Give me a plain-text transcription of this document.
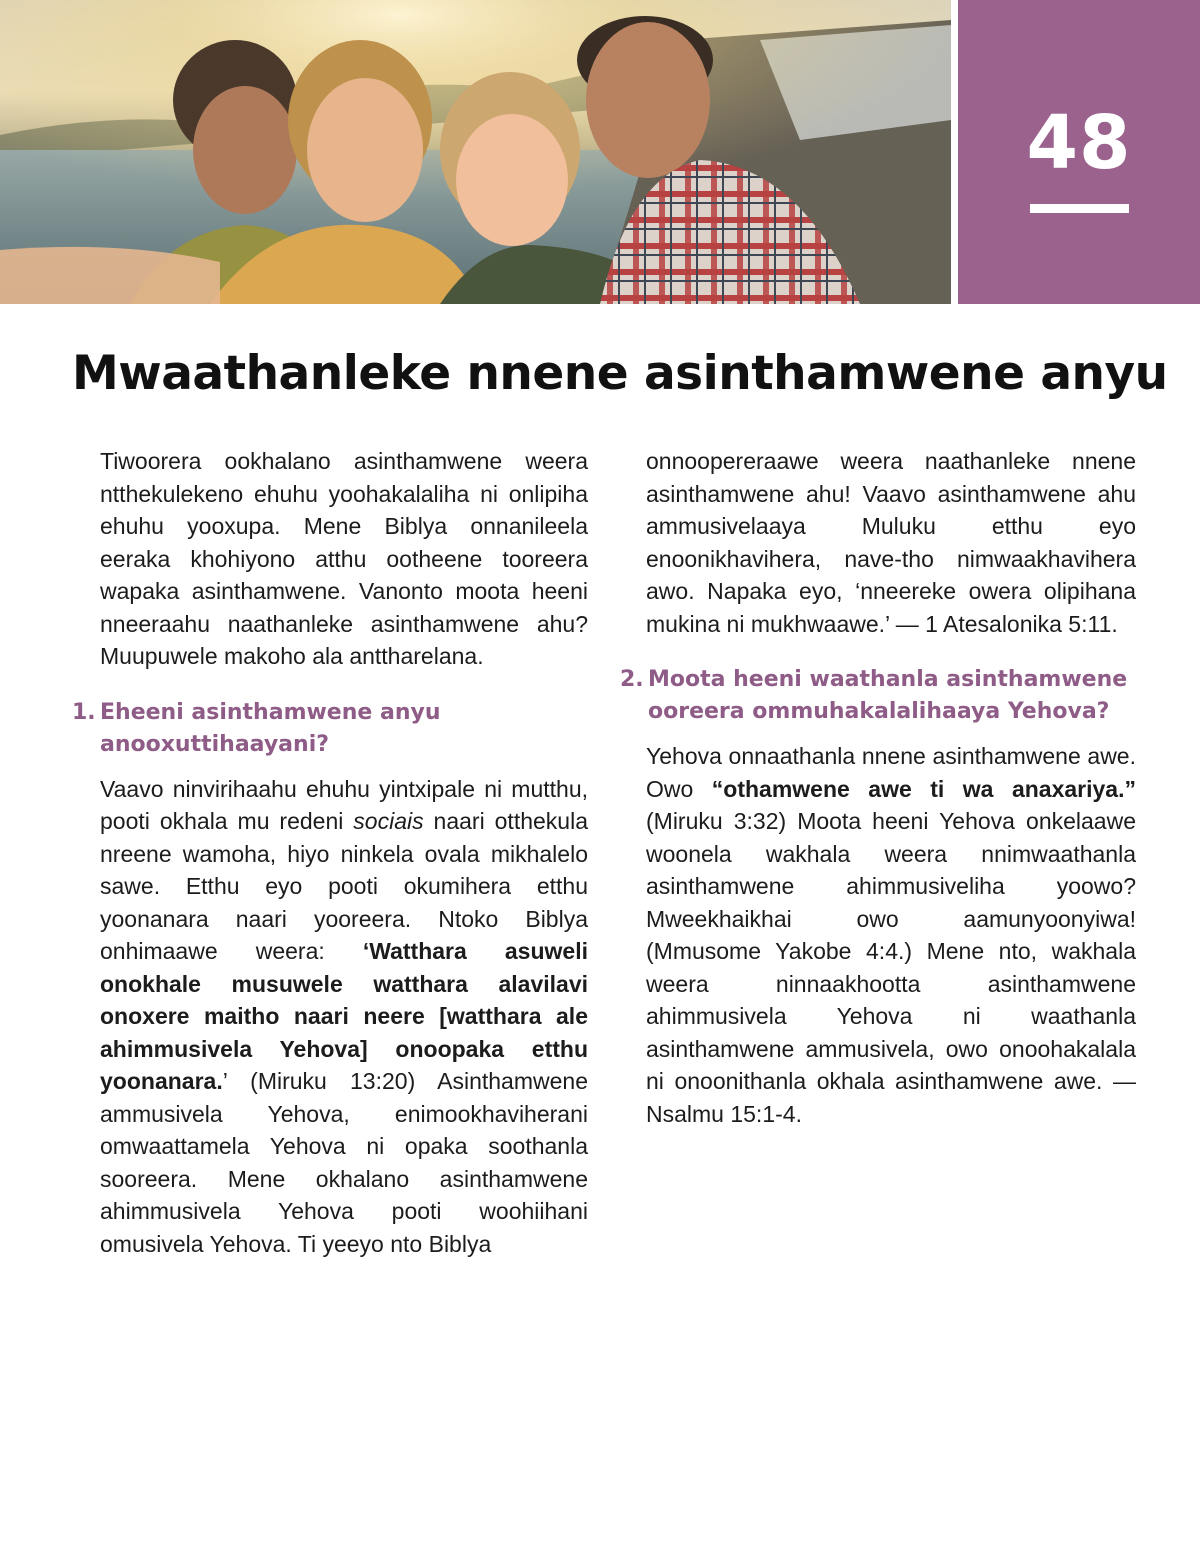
48
Mwaathanleke nnene asinthamwene anyu

Tiwoorera ookhalano asinthamwene weera ntthekulekeno ehuhu yoohakalaliha ni onlipiha ehuhu yooxupa. Mene Biblya onnanileela eeraka khohiyono atthu ootheene tooreera wapaka asinthamwene. Vanonto moota heeni nneeraahu naathanleke asinthamwene ahu? Muupuwele makoho ala anttharelana.

1. Eheeni asinthamwene anyu anooxuttihaayani?

Vaavo ninvirihaahu ehuhu yintxipale ni mutthu, pooti okhala mu redeni sociais naari otthekula nreene wamoha, hiyo ninkela ovala mikhalelo sawe. Etthu eyo pooti okumihera etthu yoonanara naari yooreera. Ntoko Biblya onhimaawe weera: ‘Watthara asuweli onokhale musuwele watthara alavilavi onoxere maitho naari neere [watthara ale ahimmusivela Yehova] onoopaka etthu yoonanara.’ (Miruku 13:20) Asinthamwene ammusivela Yehova, enimookhaviherani omwaattamela Yehova ni opaka soothanla sooreera. Mene okhalano asinthamwene ahimmusivela Yehova pooti woohiihani omusivela Yehova. Ti yeeyo nto Biblya

onnoopereraawe weera naathanleke nnene asinthamwene ahu! Vaavo asinthamwene ahu ammusivelaaya Muluku etthu eyo enoonikhavihera, nave-tho nimwaakhavihera awo. Napaka eyo, ‘nneereke owera olipihana mukina ni mukhwaawe.’ — 1 Atesalonika 5:11.

2. Moota heeni waathanla asinthamwene ooreera ommuhakalalihaaya Yehova?

Yehova onnaathanla nnene asinthamwene awe. Owo “othamwene awe ti wa anaxariya.” (Miruku 3:32) Moota heeni Yehova onkelaawe woonela wakhala weera nnimwaathanla asinthamwene ahimmusiveliha yoowo? Mweekhaikhai owo aamunyoonyiwa! (Mmusome Yakobe 4:4.) Mene nto, wakhala weera ninnaakhootta asinthamwene ahimmusivela Yehova ni waathanla asinthamwene ammusivela, owo onoohakalala ni onoonithanla okhala asinthamwene awe. — Nsalmu 15:1-4.
